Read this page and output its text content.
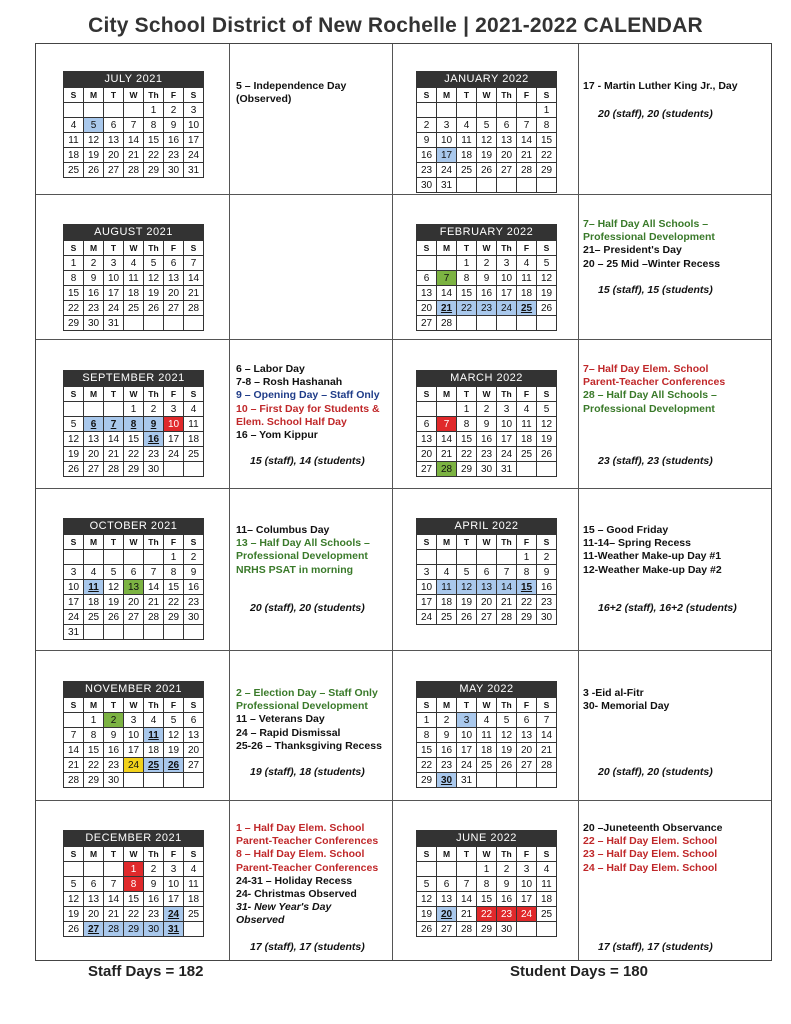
City School District of New Rochelle | 2021-2022 CALENDAR
JULY 2021						
S	M	T	W	Th	F	S
				1	2	3
4	5	6	7	8	9	10
11	12	13	14	15	16	17
18	19	20	21	22	23	24
25	26	27	28	29	30	31
5 – Independence Day
(Observed)
JANUARY 2022						
S	M	T	W	Th	F	S
						1
2	3	4	5	6	7	8
9	10	11	12	13	14	15
16	17	18	19	20	21	22
23	24	25	26	27	28	29
30	31					
17 - Martin Luther King Jr., Day
20 (staff), 20 (students)
AUGUST 2021						
S	M	T	W	Th	F	S
1	2	3	4	5	6	7
8	9	10	11	12	13	14
15	16	17	18	19	20	21
22	23	24	25	26	27	28
29	30	31				
FEBRUARY 2022						
S	M	T	W	Th	F	S
		1	2	3	4	5
6	7	8	9	10	11	12
13	14	15	16	17	18	19
20	21	22	23	24	25	26
27	28					
7– Half Day All Schools –
Professional Development
21– President's Day
20 – 25 Mid –Winter Recess
15 (staff), 15 (students)
SEPTEMBER 2021						
S	M	T	W	Th	F	S
			1	2	3	4
5	6	7	8	9	10	11
12	13	14	15	16	17	18
19	20	21	22	23	24	25
26	27	28	29	30		
6 – Labor Day
7-8 – Rosh Hashanah
9 – Opening Day – Staff Only
10 – First Day for Students &
Elem. School Half Day
16 – Yom Kippur
15 (staff), 14 (students)
MARCH 2022						
S	M	T	W	Th	F	S
		1	2	3	4	5
6	7	8	9	10	11	12
13	14	15	16	17	18	19
20	21	22	23	24	25	26
27	28	29	30	31		
7– Half Day Elem. School
Parent-Teacher Conferences
28 – Half Day All Schools –
Professional Development
23 (staff), 23 (students)
OCTOBER 2021						
S	M	T	W	Th	F	S
					1	2
3	4	5	6	7	8	9
10	11	12	13	14	15	16
17	18	19	20	21	22	23
24	25	26	27	28	29	30
31						
11– Columbus Day
13 – Half Day All Schools –
Professional Development
NRHS PSAT in morning
20 (staff), 20 (students)
APRIL 2022						
S	M	T	W	Th	F	S
					1	2
3	4	5	6	7	8	9
10	11	12	13	14	15	16
17	18	19	20	21	22	23
24	25	26	27	28	29	30
15 – Good Friday
11-14– Spring Recess
11-Weather Make-up Day #1
12-Weather Make-up Day #2
16+2 (staff), 16+2 (students)
NOVEMBER 2021						
S	M	T	W	Th	F	S
	1	2	3	4	5	6
7	8	9	10	11	12	13
14	15	16	17	18	19	20
21	22	23	24	25	26	27
28	29	30				
2 – Election Day – Staff Only
Professional Development
11 – Veterans Day
24 – Rapid Dismissal
25-26 – Thanksgiving Recess
19 (staff), 18 (students)
MAY 2022						
S	M	T	W	Th	F	S
1	2	3	4	5	6	7
8	9	10	11	12	13	14
15	16	17	18	19	20	21
22	23	24	25	26	27	28
29	30	31				
3 -Eid al-Fitr
30- Memorial Day
20 (staff), 20 (students)
DECEMBER 2021						
S	M	T	W	Th	F	S
			1	2	3	4
5	6	7	8	9	10	11
12	13	14	15	16	17	18
19	20	21	22	23	24	25
26	27	28	29	30	31	
1 – Half Day Elem. School
Parent-Teacher Conferences
8 – Half Day Elem. School
Parent-Teacher Conferences
24-31 – Holiday Recess
24- Christmas Observed
31- New Year's Day
Observed
17 (staff), 17 (students)
JUNE 2022						
S	M	T	W	Th	F	S
			1	2	3	4
5	6	7	8	9	10	11
12	13	14	15	16	17	18
19	20	21	22	23	24	25
26	27	28	29	30		
20 –Juneteenth Observance
22 – Half Day Elem. School
23 – Half Day Elem. School
24 – Half Day Elem. School
17 (staff), 17 (students)
Staff Days = 182	Student Days = 180
